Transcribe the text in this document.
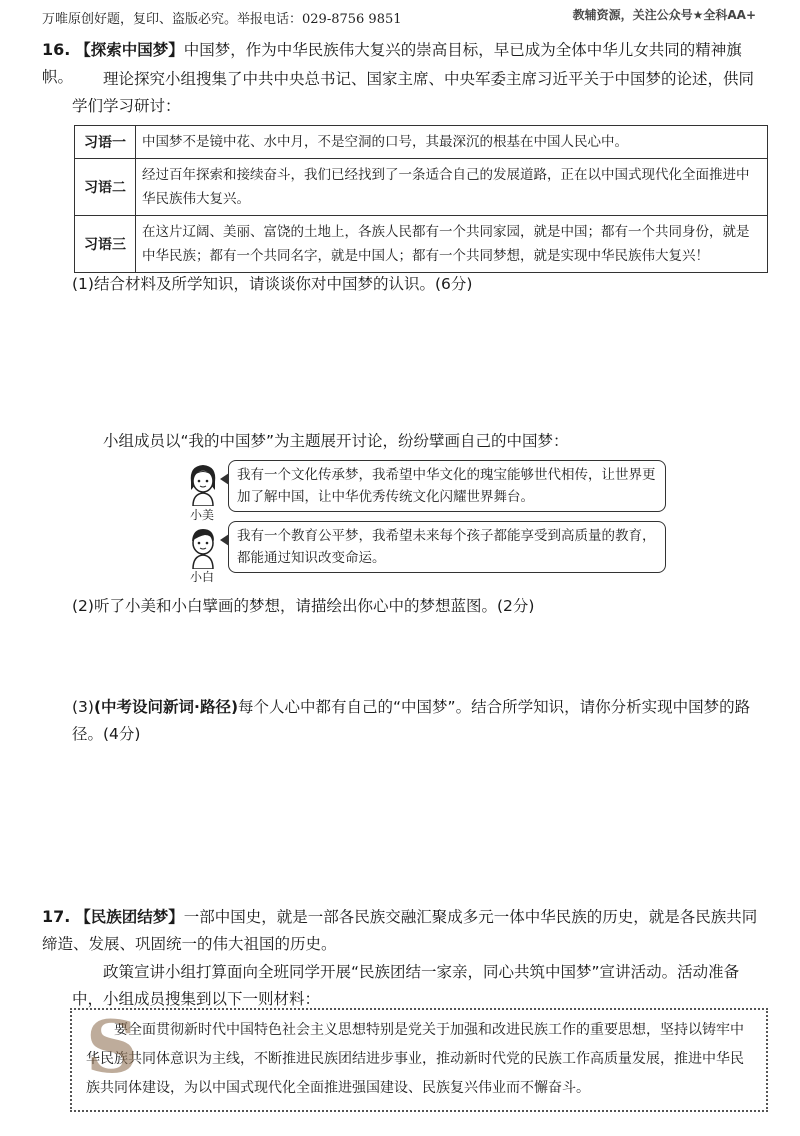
万唯原创好题，复印、盗版必究。举报电话：029-8756 9851	教辅资源，关注公众号★全科AA+
16. 【探索中国梦】中国梦，作为中华民族伟大复兴的崇高目标，早已成为全体中华儿女共同的精神旗帜。	理论探究小组搜集了中共中央总书记、国家主席、中央军委主席习近平关于中国梦的论述，供同学们学习研讨：
习语一	中国梦不是镜中花、水中月，不是空洞的口号，其最深沉的根基在中国人民心中。
习语二	经过百年探索和接续奋斗，我们已经找到了一条适合自己的发展道路，正在以中国式现代化全面推进中华民族伟大复兴。
习语三	在这片辽阔、美丽、富饶的土地上，各族人民都有一个共同家园，就是中国；都有一个共同身份，就是中华民族；都有一个共同名字，就是中国人；都有一个共同梦想，就是实现中华民族伟大复兴！
(1)结合材料及所学知识，请谈谈你对中国梦的认识。(6分)
小组成员以“我的中国梦”为主题展开讨论，纷纷擘画自己的中国梦：
小美
我有一个文化传承梦，我希望中华文化的瑰宝能够世代相传，让世界更加了解中国，让中华优秀传统文化闪耀世界舞台。
小白
我有一个教育公平梦，我希望未来每个孩子都能享受到高质量的教育，都能通过知识改变命运。
(2)听了小美和小白擘画的梦想，请描绘出你心中的梦想蓝图。(2分)
(3)(中考设问新词·路径)每个人心中都有自己的“中国梦”。结合所学知识，请你分析实现中国梦的路径。(4分)
17. 【民族团结梦】一部中国史，就是一部各民族交融汇聚成多元一体中华民族的历史，就是各民族共同缔造、发展、巩固统一的伟大祖国的历史。
政策宣讲小组打算面向全班同学开展“民族团结一家亲，同心共筑中国梦”宣讲活动。活动准备中，小组成员搜集到以下一则材料：
S
要全面贯彻新时代中国特色社会主义思想特别是党关于加强和改进民族工作的重要思想，坚持以铸牢中华民族共同体意识为主线，不断推进民族团结进步事业，推动新时代党的民族工作高质量发展，推进中华民族共同体建设，为以中国式现代化全面推进强国建设、民族复兴伟业而不懈奋斗。
